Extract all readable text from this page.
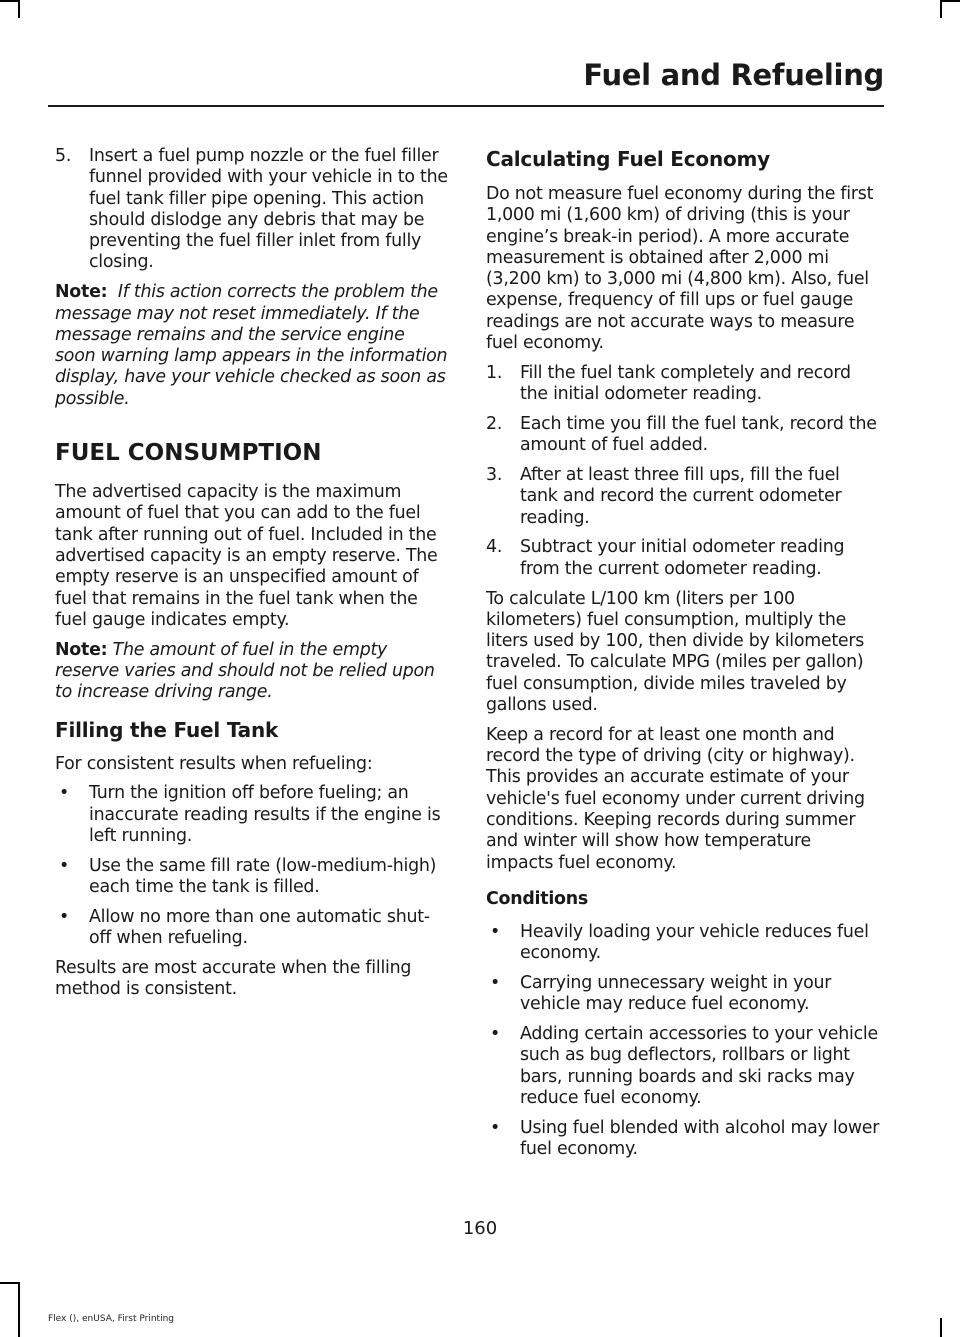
Fuel and Refueling
5. Insert a fuel pump nozzle or the fuel filler funnel provided with your vehicle in to the fuel tank filler pipe opening. This action should dislodge any debris that may be preventing the fuel filler inlet from fully closing.

Note: If this action corrects the problem the message may not reset immediately. If the message remains and the service engine soon warning lamp appears in the information display, have your vehicle checked as soon as possible.

FUEL CONSUMPTION

The advertised capacity is the maximum amount of fuel that you can add to the fuel tank after running out of fuel. Included in the advertised capacity is an empty reserve. The empty reserve is an unspecified amount of fuel that remains in the fuel tank when the fuel gauge indicates empty.

Note: The amount of fuel in the empty reserve varies and should not be relied upon to increase driving range.

Filling the Fuel Tank

For consistent results when refueling:

• Turn the ignition off before fueling; an inaccurate reading results if the engine is left running.
• Use the same fill rate (low-medium-high) each time the tank is filled.
• Allow no more than one automatic shut-off when refueling.

Results are most accurate when the filling method is consistent.

Calculating Fuel Economy

Do not measure fuel economy during the first 1,000 mi (1,600 km) of driving (this is your engine’s break-in period). A more accurate measurement is obtained after 2,000 mi (3,200 km) to 3,000 mi (4,800 km). Also, fuel expense, frequency of fill ups or fuel gauge readings are not accurate ways to measure fuel economy.

1. Fill the fuel tank completely and record the initial odometer reading.
2. Each time you fill the fuel tank, record the amount of fuel added.
3. After at least three fill ups, fill the fuel tank and record the current odometer reading.
4. Subtract your initial odometer reading from the current odometer reading.

To calculate L/100 km (liters per 100 kilometers) fuel consumption, multiply the liters used by 100, then divide by kilometers traveled. To calculate MPG (miles per gallon) fuel consumption, divide miles traveled by gallons used.

Keep a record for at least one month and record the type of driving (city or highway). This provides an accurate estimate of your vehicle's fuel economy under current driving conditions. Keeping records during summer and winter will show how temperature impacts fuel economy.

Conditions
• Heavily loading your vehicle reduces fuel economy.
• Carrying unnecessary weight in your vehicle may reduce fuel economy.
• Adding certain accessories to your vehicle such as bug deflectors, rollbars or light bars, running boards and ski racks may reduce fuel economy.
• Using fuel blended with alcohol may lower fuel economy.
160
Flex (), enUSA, First Printing
